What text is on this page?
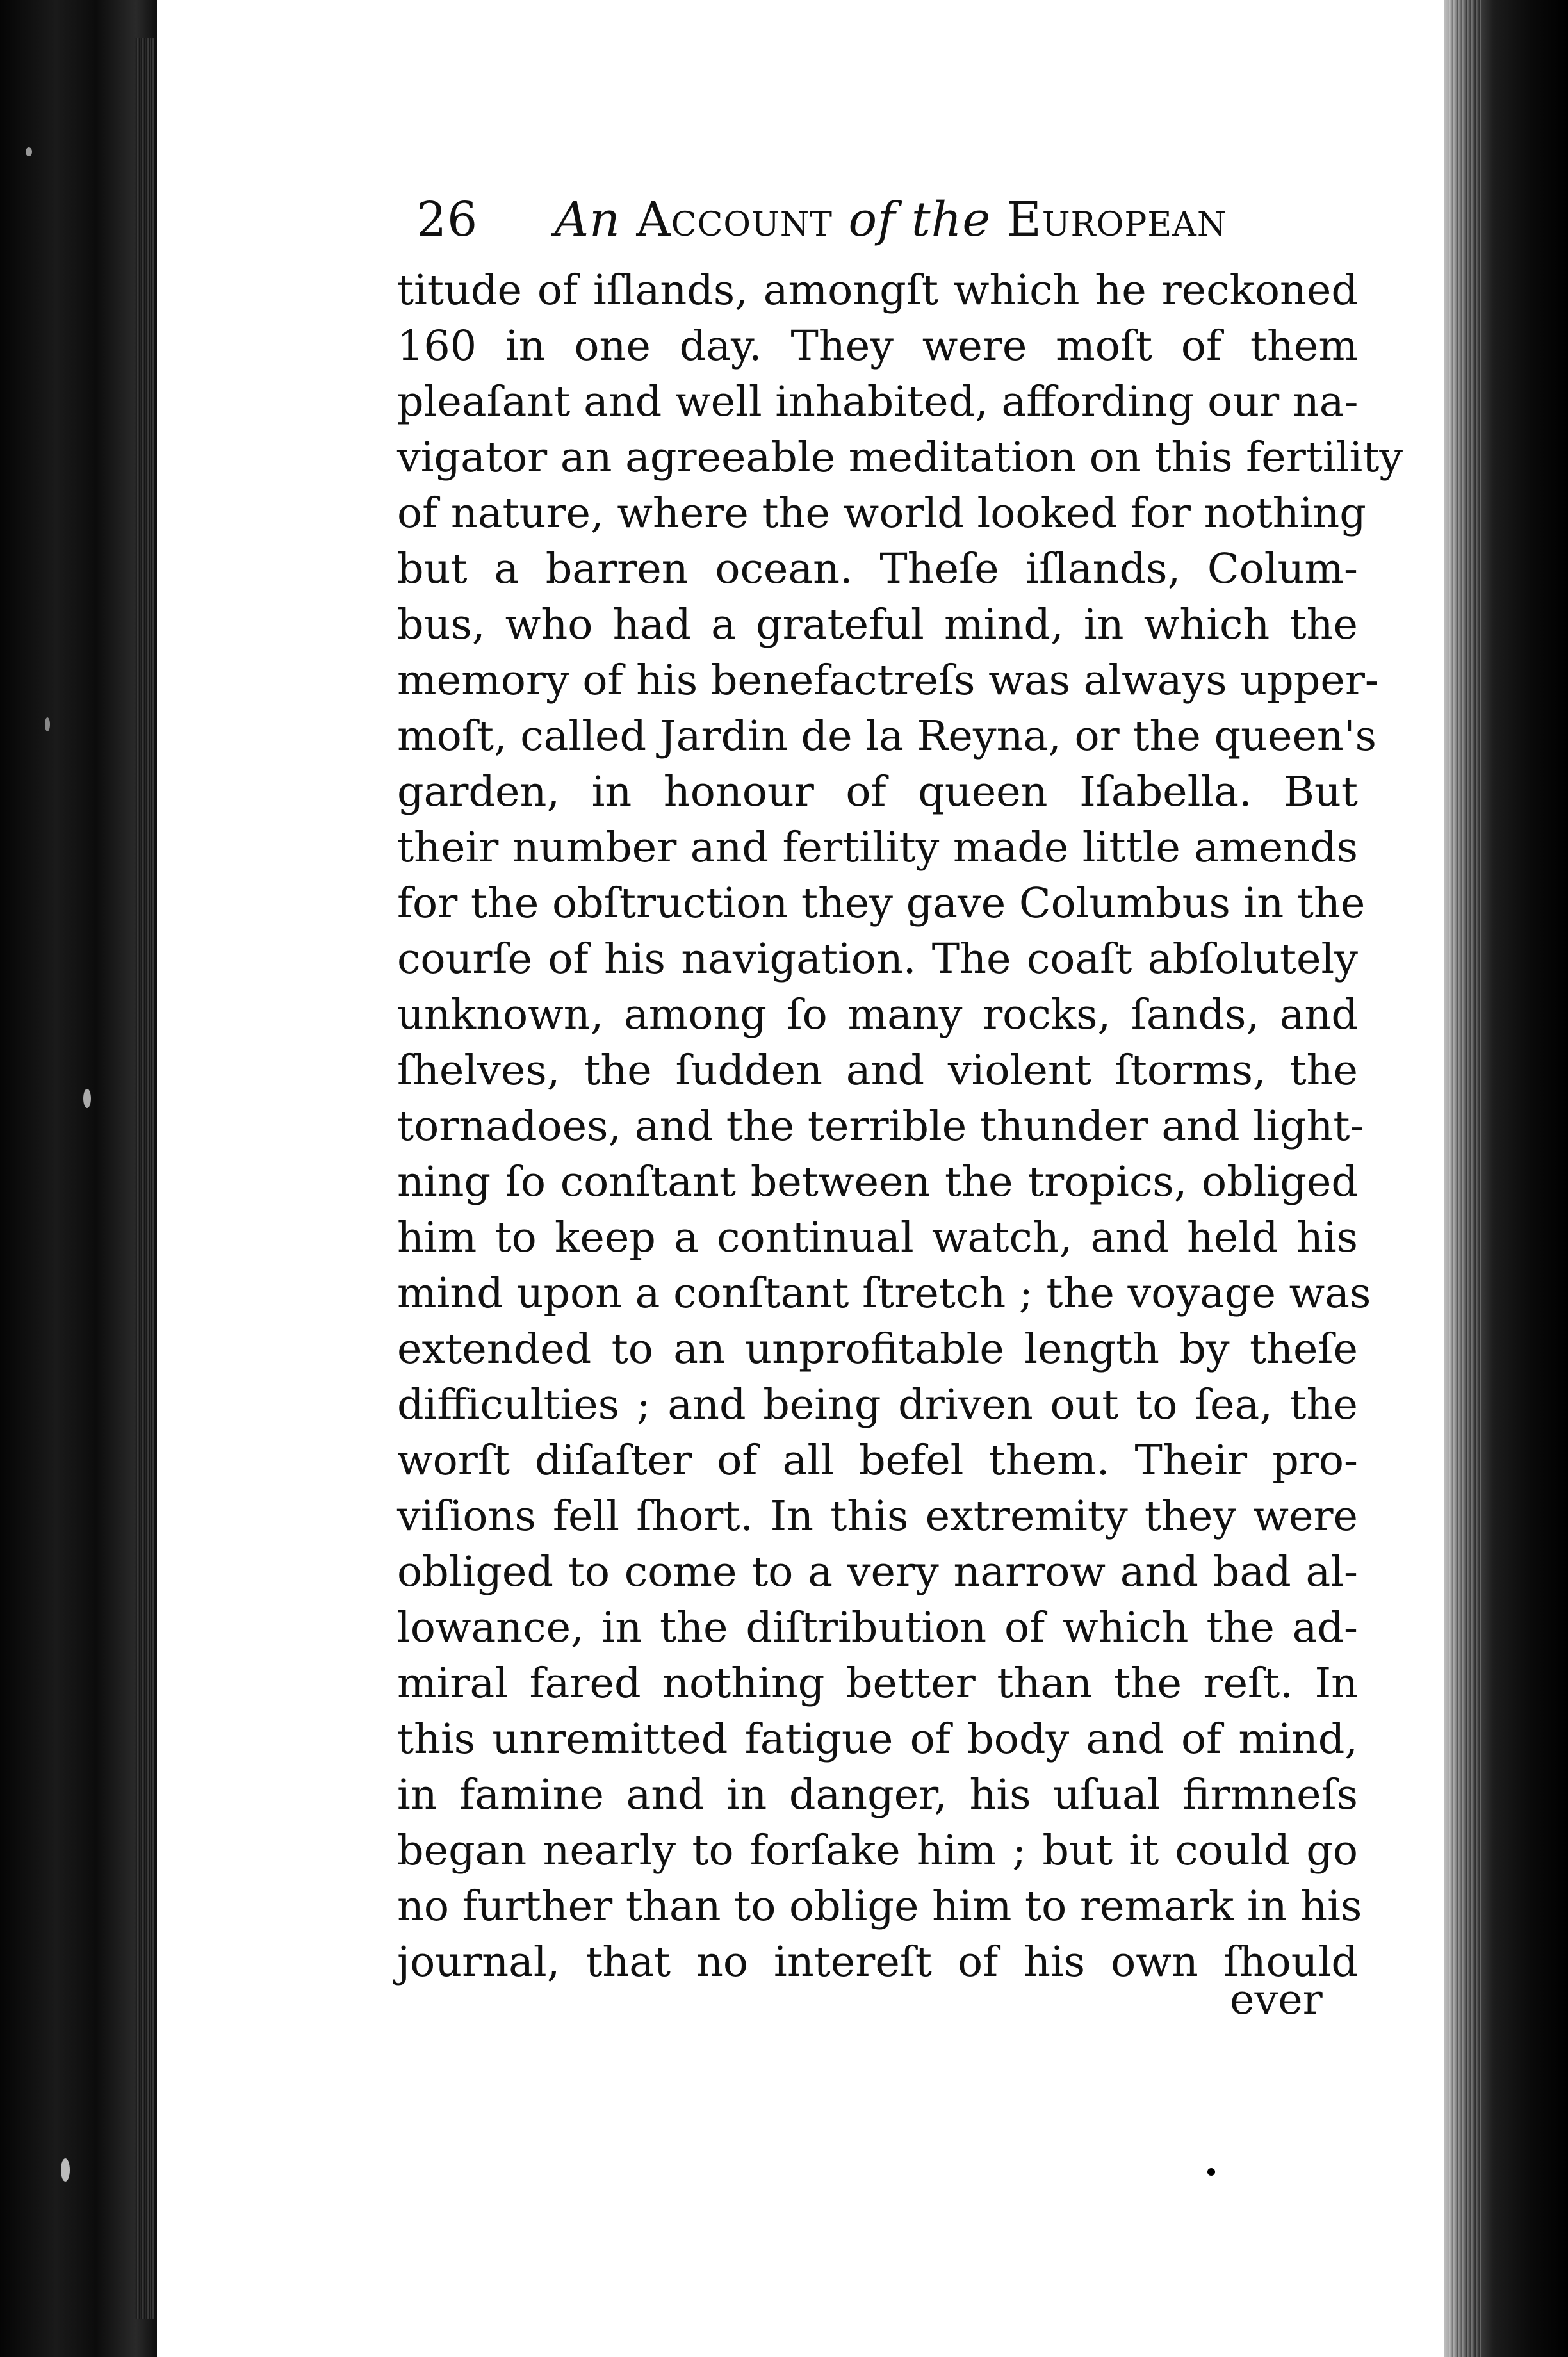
26 An Account of the European
titude of iſlands, amongſt which he reckoned
160 in one day. They were moſt of them
pleaſant and well inhabited, affording our na-
vigator an agreeable meditation on this fertility
of nature, where the world looked for nothing
but a barren ocean. Theſe iſlands, Colum-
bus, who had a grateful mind, in which the
memory of his benefactreſs was always upper-
moſt, called Jardin de la Reyna, or the queen's
garden, in honour of queen Iſabella. But
their number and fertility made little amends
for the obſtruction they gave Columbus in the
courſe of his navigation. The coaſt abſolutely
unknown, among ſo many rocks, ſands, and
ſhelves, the ſudden and violent ſtorms, the
tornadoes, and the terrible thunder and light-
ning ſo conſtant between the tropics, obliged
him to keep a continual watch, and held his
mind upon a conſtant ſtretch ; the voyage was
extended to an unprofitable length by theſe
difficulties ; and being driven out to ſea, the
worſt diſaſter of all befel them. Their pro-
viſions fell ſhort. In this extremity they were
obliged to come to a very narrow and bad al-
lowance, in the diſtribution of which the ad-
miral fared nothing better than the reſt. In
this unremitted fatigue of body and of mind,
in famine and in danger, his uſual firmneſs
began nearly to forſake him ; but it could go
no further than to oblige him to remark in his
journal, that no intereſt of his own ſhould
ever
